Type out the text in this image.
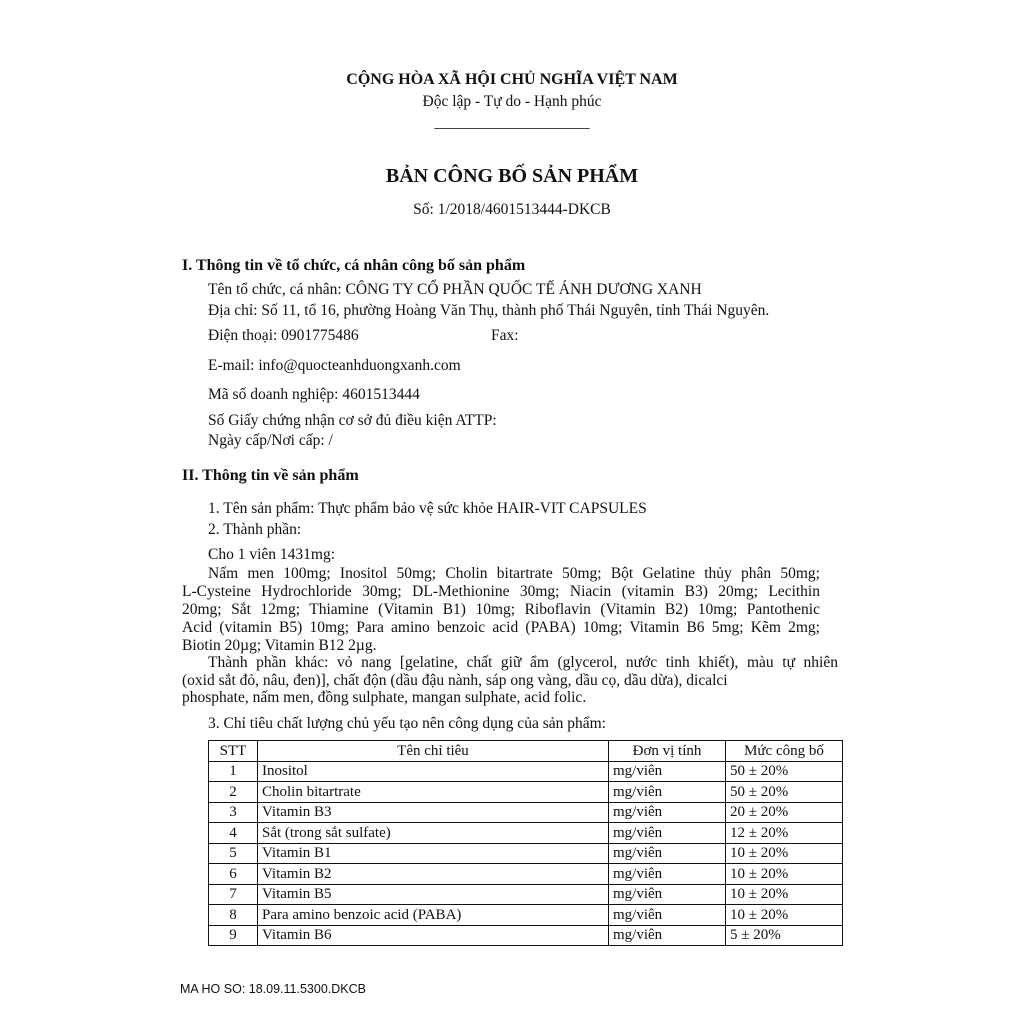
CỘNG HÒA XÃ HỘI CHỦ NGHĨA VIỆT NAM
Độc lập - Tự do - Hạnh phúc
____________________
BẢN CÔNG BỐ SẢN PHẨM
Số: 1/2018/4601513444-DKCB
I. Thông tin về tổ chức, cá nhân công bố sản phẩm
Tên tổ chức, cá nhân: CÔNG TY CỔ PHẦN QUỐC TẾ ÁNH DƯƠNG XANH
Địa chỉ: Số 11, tổ 16, phường Hoàng Văn Thụ, thành phố Thái Nguyên, tỉnh Thái Nguyên.
Điện thoại: 0901775486	Fax:
E-mail: info@quocteanhduongxanh.com
Mã số doanh nghiệp: 4601513444
Số Giấy chứng nhận cơ sở đủ điều kiện ATTP:
Ngày cấp/Nơi cấp: /
II. Thông tin về sản phẩm
1. Tên sản phẩm: Thực phẩm bảo vệ sức khỏe HAIR-VIT CAPSULES
2. Thành phần:
Cho 1 viên 1431mg:
Nấm men 100mg; Inositol 50mg; Cholin bitartrate 50mg; Bột Gelatine thủy phân 50mg;
L-Cysteine Hydrochloride 30mg; DL-Methionine 30mg; Niacin (vitamin B3) 20mg; Lecithin
20mg; Sắt 12mg; Thiamine (Vitamin B1) 10mg; Riboflavin (Vitamin B2) 10mg; Pantothenic
Acid (vitamin B5) 10mg; Para amino benzoic acid (PABA) 10mg; Vitamin B6 5mg; Kẽm 2mg;
Biotin 20µg; Vitamin B12 2µg.
Thành phần khác: vỏ nang [gelatine, chất giữ ẩm (glycerol, nước tinh khiết), màu tự nhiên
(oxid sắt đỏ, nâu, đen)], chất độn (dầu đậu nành, sáp ong vàng, dầu cọ, dầu dừa), dicalci
phosphate, nấm men, đồng sulphate, mangan sulphate, acid folic.
3. Chỉ tiêu chất lượng chủ yếu tạo nên công dụng của sản phẩm:
STT	Tên chỉ tiêu	Đơn vị tính	Mức công bố
1	Inositol	mg/viên	50 ± 20%
2	Cholin bitartrate	mg/viên	50 ± 20%
3	Vitamin B3	mg/viên	20 ± 20%
4	Sắt (trong sắt sulfate)	mg/viên	12 ± 20%
5	Vitamin B1	mg/viên	10 ± 20%
6	Vitamin B2	mg/viên	10 ± 20%
7	Vitamin B5	mg/viên	10 ± 20%
8	Para amino benzoic acid (PABA)	mg/viên	10 ± 20%
9	Vitamin B6	mg/viên	5 ± 20%
MA HO SO: 18.09.11.5300.DKCB
